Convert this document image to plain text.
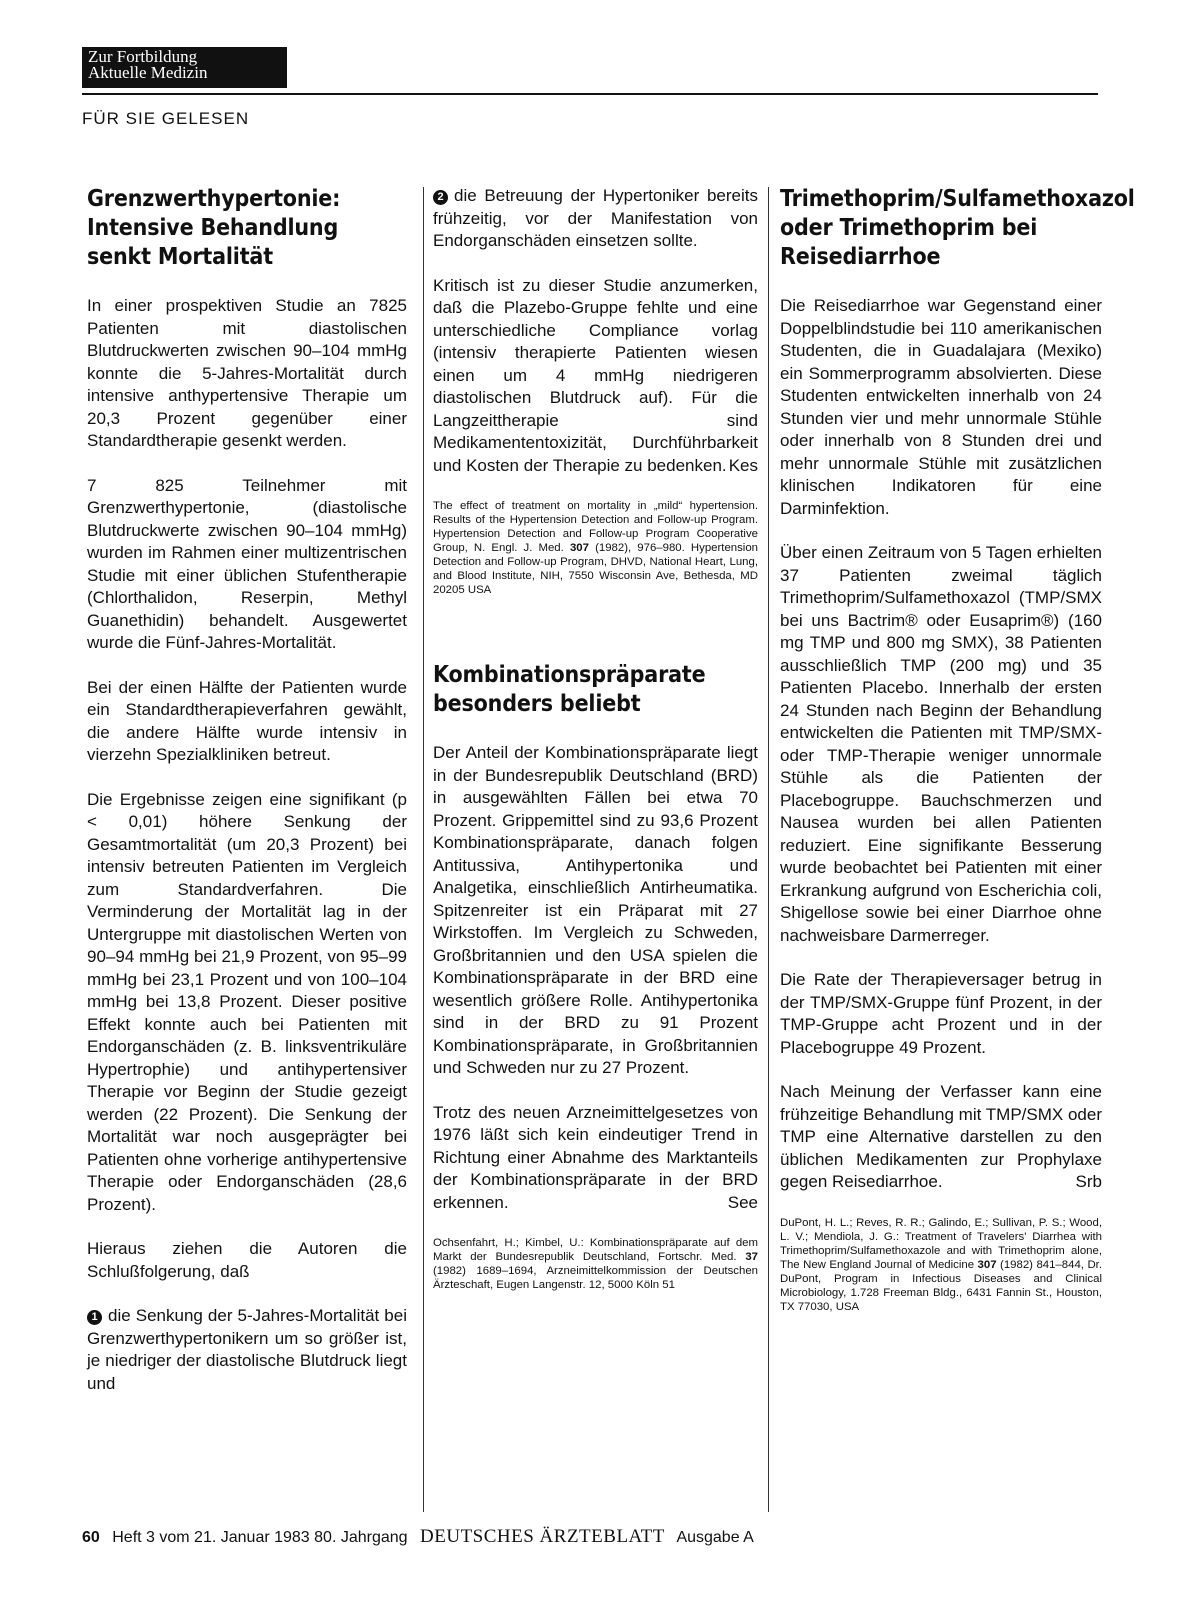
Zur Fortbildung
Aktuelle Medizin
FÜR SIE GELESEN
Grenzwerthypertonie: Intensive Behandlung senkt Mortalität

In einer prospektiven Studie an 7825 Patienten mit diastolischen Blutdruckwerten zwischen 90–104 mmHg konnte die 5-Jahres-Mortalität durch intensive anthypertensive Therapie um 20,3 Prozent gegenüber einer Standardtherapie gesenkt werden.

7 825 Teilnehmer mit Grenzwerthypertonie, (diastolische Blutdruckwerte zwischen 90–104 mmHg) wurden im Rahmen einer multizentrischen Studie mit einer üblichen Stufentherapie (Chlorthalidon, Reserpin, Methyl Guanethidin) behandelt. Ausgewertet wurde die Fünf-Jahres-Mortalität.

Bei der einen Hälfte der Patienten wurde ein Standardtherapieverfahren gewählt, die andere Hälfte wurde intensiv in vierzehn Spezialkliniken betreut.

Die Ergebnisse zeigen eine signifikant (p < 0,01) höhere Senkung der Gesamtmortalität (um 20,3 Prozent) bei intensiv betreuten Patienten im Vergleich zum Standardverfahren. Die Verminderung der Mortalität lag in der Untergruppe mit diastolischen Werten von 90–94 mmHg bei 21,9 Prozent, von 95–99 mmHg bei 23,1 Prozent und von 100–104 mmHg bei 13,8 Prozent. Dieser positive Effekt konnte auch bei Patienten mit Endorganschäden (z. B. linksventrikuläre Hypertrophie) und antihypertensiver Therapie vor Beginn der Studie gezeigt werden (22 Prozent). Die Senkung der Mortalität war noch ausgeprägter bei Patienten ohne vorherige antihypertensive Therapie oder Endorganschäden (28,6 Prozent).

Hieraus ziehen die Autoren die Schlußfolgerung, daß

1 die Senkung der 5-Jahres-Mortalität bei Grenzwerthypertonikern um so größer ist, je niedriger der diastolische Blutdruck liegt und

2 die Betreuung der Hypertoniker bereits frühzeitig, vor der Manifestation von Endorganschäden einsetzen sollte.

Kritisch ist zu dieser Studie anzumerken, daß die Plazebo-Gruppe fehlte und eine unterschiedliche Compliance vorlag (intensiv therapierte Patienten wiesen einen um 4 mmHg niedrigeren diastolischen Blutdruck auf). Für die Langzeittherapie sind Medikamententoxizität, Durchführbarkeit und Kosten der Therapie zu bedenken. Kes

The effect of treatment on mortality in „mild“ hypertension. Results of the Hypertension Detection and Follow-up Program. Hypertension Detection and Follow-up Program Cooperative Group, N. Engl. J. Med. 307 (1982), 976–980. Hypertension Detection and Follow-up Program, DHVD, National Heart, Lung, and Blood Institute, NIH, 7550 Wisconsin Ave, Bethesda, MD 20205 USA
Kombinationspräparate besonders beliebt

Der Anteil der Kombinationspräparate liegt in der Bundesrepublik Deutschland (BRD) in ausgewählten Fällen bei etwa 70 Prozent. Grippemittel sind zu 93,6 Prozent Kombinationspräparate, danach folgen Antitussiva, Antihypertonika und Analgetika, einschließlich Antirheumatika. Spitzenreiter ist ein Präparat mit 27 Wirkstoffen. Im Vergleich zu Schweden, Großbritannien und den USA spielen die Kombinationspräparate in der BRD eine wesentlich größere Rolle. Antihypertonika sind in der BRD zu 91 Prozent Kombinationspräparate, in Großbritannien und Schweden nur zu 27 Prozent.

Trotz des neuen Arzneimittelgesetzes von 1976 läßt sich kein eindeutiger Trend in Richtung einer Abnahme des Marktanteils der Kombinationspräparate in der BRD erkennen.	See

Ochsenfahrt, H.; Kimbel, U.: Kombinationspräparate auf dem Markt der Bundesrepublik Deutschland, Fortschr. Med. 37 (1982) 1689–1694, Arzneimittelkommission der Deutschen Ärzteschaft, Eugen Langenstr. 12, 5000 Köln 51
Trimethoprim/Sulfamethoxazol oder Trimethoprim bei Reisediarrhoe

Die Reisediarrhoe war Gegenstand einer Doppelblindstudie bei 110 amerikanischen Studenten, die in Guadalajara (Mexiko) ein Sommerprogramm absolvierten. Diese Studenten entwickelten innerhalb von 24 Stunden vier und mehr unnormale Stühle oder innerhalb von 8 Stunden drei und mehr unnormale Stühle mit zusätzlichen klinischen Indikatoren für eine Darminfektion.

Über einen Zeitraum von 5 Tagen erhielten 37 Patienten zweimal täglich Trimethoprim/Sulfamethoxazol (TMP/SMX bei uns Bactrim® oder Eusaprim®) (160 mg TMP und 800 mg SMX), 38 Patienten ausschließlich TMP (200 mg) und 35 Patienten Placebo. Innerhalb der ersten 24 Stunden nach Beginn der Behandlung entwickelten die Patienten mit TMP/SMX- oder TMP-Therapie weniger unnormale Stühle als die Patienten der Placebogruppe. Bauchschmerzen und Nausea wurden bei allen Patienten reduziert. Eine signifikante Besserung wurde beobachtet bei Patienten mit einer Erkrankung aufgrund von Escherichia coli, Shigellose sowie bei einer Diarrhoe ohne nachweisbare Darmerreger.

Die Rate der Therapieversager betrug in der TMP/SMX-Gruppe fünf Prozent, in der TMP-Gruppe acht Prozent und in der Placebogruppe 49 Prozent.

Nach Meinung der Verfasser kann eine frühzeitige Behandlung mit TMP/SMX oder TMP eine Alternative darstellen zu den üblichen Medikamenten zur Prophylaxe gegen Reisediarrhoe.	Srb

DuPont, H. L.; Reves, R. R.; Galindo, E.; Sullivan, P. S.; Wood, L. V.; Mendiola, J. G.: Treatment of Travelers' Diarrhea with Trimethoprim/Sulfamethoxazole and with Trimethoprim alone, The New England Journal of Medicine 307 (1982) 841–844, Dr. DuPont, Program in Infectious Diseases and Clinical Microbiology, 1.728 Freeman Bldg., 6431 Fannin St., Houston, TX 77030, USA
60 Heft 3 vom 21. Januar 1983 80. Jahrgang DEUTSCHES ÄRZTEBLATT Ausgabe A
